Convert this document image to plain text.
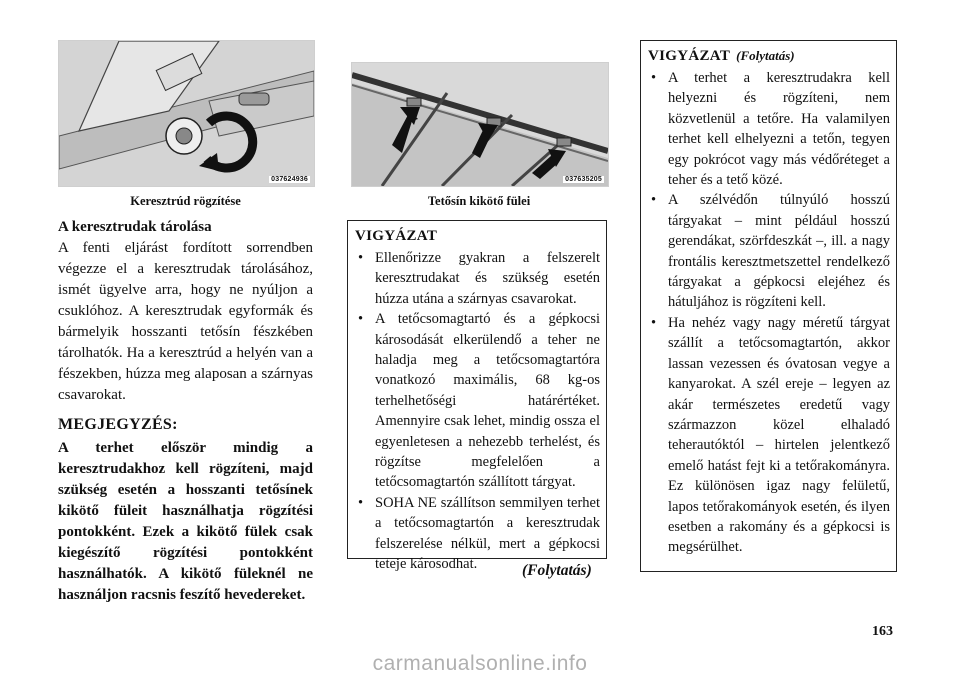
037624936
Keresztrúd rögzítése
037635205
Tetősín kikötő fülei

A keresztrudak tárolása

A fenti eljárást fordított sorrendben végezze el a keresztrudak tárolásához, ismét ügyelve arra, hogy ne nyúljon a csuklóhoz. A keresztrudak egyformák és bármelyik hosszanti tetősín fészkében tárolhatók. Ha a keresztrúd a helyén van a fészekben, húzza meg alaposan a szárnyas csavarokat.

MEGJEGYZÉS:

A terhet először mindig a keresztrudakhoz kell rögzíteni, majd szükség esetén a hosszanti tetősínek kikötő füleit használhatja rögzítési pontokként. Ezek a kikötő fülek csak kiegészítő rögzítési pontokként használhatók. A kikötő füleknél ne használjon racsnis feszítő hevedereket.

VIGYÁZAT

• Ellenőrizze gyakran a felszerelt keresztrudakat és szükség esetén húzza utána a szárnyas csavarokat.
• A tetőcsomagtartó és a gépkocsi károsodását elkerülendő a teher ne haladja meg a tetőcsomagtartóra vonatkozó maximális, 68 kg-os terhelhetőségi határértéket. Amennyire csak lehet, mindig ossza el egyenletesen a nehezebb terhelést, és rögzítse megfelelően a tetőcsomagtartón szállított tárgyat.
• SOHA NE szállítson semmilyen terhet a tetőcsomagtartón a keresztrudak felszerelése nélkül, mert a gépkocsi teteje károsodhat.	(Folytatás)

VIGYÁZAT (Folytatás)

• A terhet a keresztrudakra kell helyezni és rögzíteni, nem közvetlenül a tetőre. Ha valamilyen terhet kell elhelyezni a tetőn, tegyen egy pokrócot vagy más védőréteget a teher és a tető közé.
• A szélvédőn túlnyúló hosszú tárgyakat – mint például hosszú gerendákat, szörfdeszkát –, ill. a nagy frontális keresztmetszettel rendelkező tárgyakat a gépkocsi elejéhez és hátuljához is rögzíteni kell.
• Ha nehéz vagy nagy méretű tárgyat szállít a tetőcsomagtartón, akkor lassan vezessen és óvatosan vegye a kanyarokat. A szél ereje – legyen az akár természetes eredetű vagy származzon közel elhaladó teherautóktól – hirtelen jelentkező emelő hatást fejt ki a tetőrakományra. Ez különösen igaz nagy felületű, lapos tetőrakományok esetén, és ilyen esetben a rakomány és a gépkocsi is megsérülhet.
163
carmanualsonline.info
